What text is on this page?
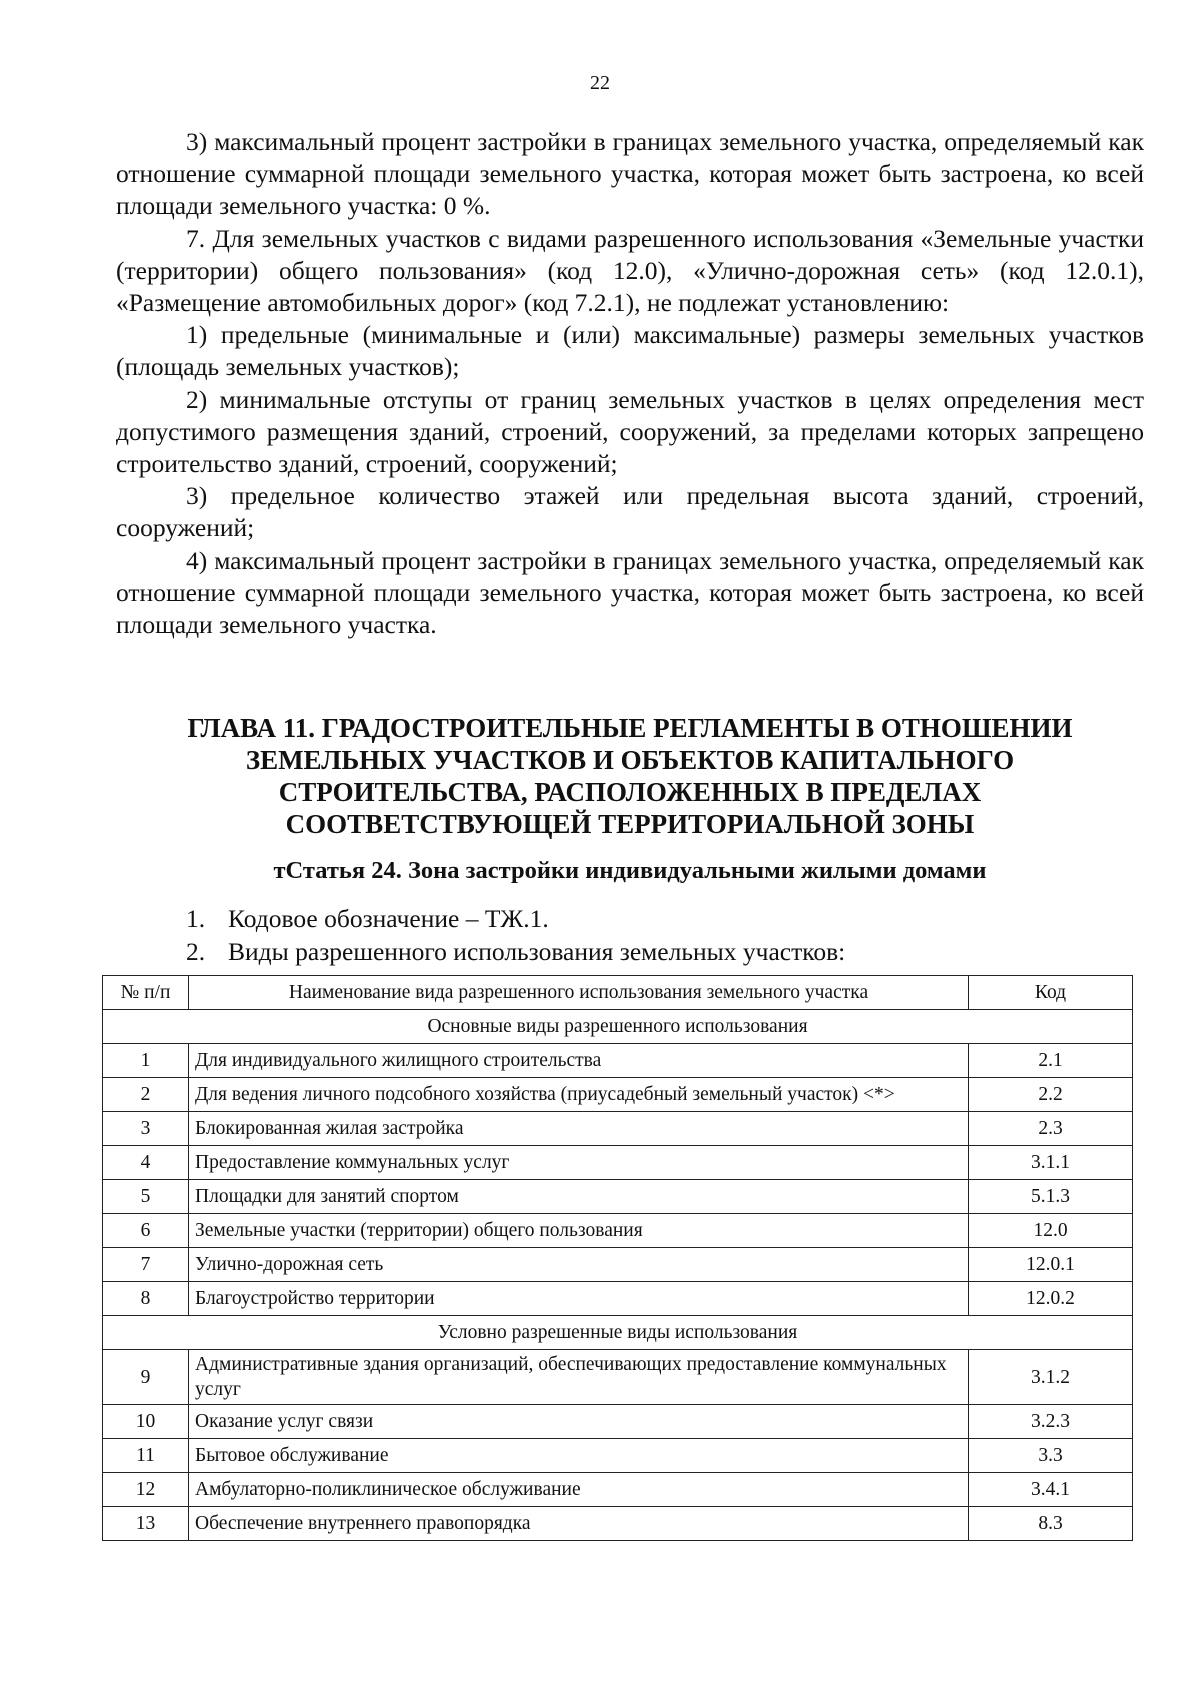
22

3) максимальный процент застройки в границах земельного участка, определяемый как отношение суммарной площади земельного участка, которая может быть застроена, ко всей площади земельного участка: 0 %.

7. Для земельных участков с видами разрешенного использования «Земельные участки (территории) общего пользования» (код 12.0), «Улично-дорожная сеть» (код 12.0.1), «Размещение автомобильных дорог» (код 7.2.1), не подлежат установлению:

1) предельные (минимальные и (или) максимальные) размеры земельных участков (площадь земельных участков);

2) минимальные отступы от границ земельных участков в целях определения мест допустимого размещения зданий, строений, сооружений, за пределами которых запрещено строительство зданий, строений, сооружений;

3) предельное количество этажей или предельная высота зданий, строений, сооружений;

4) максимальный процент застройки в границах земельного участка, определяемый как отношение суммарной площади земельного участка, которая может быть застроена, ко всей площади земельного участка.

ГЛАВА 11. ГРАДОСТРОИТЕЛЬНЫЕ РЕГЛАМЕНТЫ В ОТНОШЕНИИ
ЗЕМЕЛЬНЫХ УЧАСТКОВ И ОБЪЕКТОВ КАПИТАЛЬНОГО
СТРОИТЕЛЬСТВА, РАСПОЛОЖЕННЫХ В ПРЕДЕЛАХ
СООТВЕТСТВУЮЩЕЙ ТЕРРИТОРИАЛЬНОЙ ЗОНЫ
тСтатья 24. Зона застройки индивидуальными жилыми домами
1. Кодовое обозначение – ТЖ.1.
2. Виды разрешенного использования земельных участков:
№ п/п	Наименование вида разрешенного использования земельного участка	Код
Основные виды разрешенного использования		
1	Для индивидуального жилищного строительства	2.1
2	Для ведения личного подсобного хозяйства (приусадебный земельный участок) <*>	2.2
3	Блокированная жилая застройка	2.3
4	Предоставление коммунальных услуг	3.1.1
5	Площадки для занятий спортом	5.1.3
6	Земельные участки (территории) общего пользования	12.0
7	Улично-дорожная сеть	12.0.1
8	Благоустройство территории	12.0.2
Условно разрешенные виды использования		
9	Административные здания организаций, обеспечивающих предоставление коммунальных услуг	3.1.2
10	Оказание услуг связи	3.2.3
11	Бытовое обслуживание	3.3
12	Амбулаторно-поликлиническое обслуживание	3.4.1
13	Обеспечение внутреннего правопорядка	8.3
